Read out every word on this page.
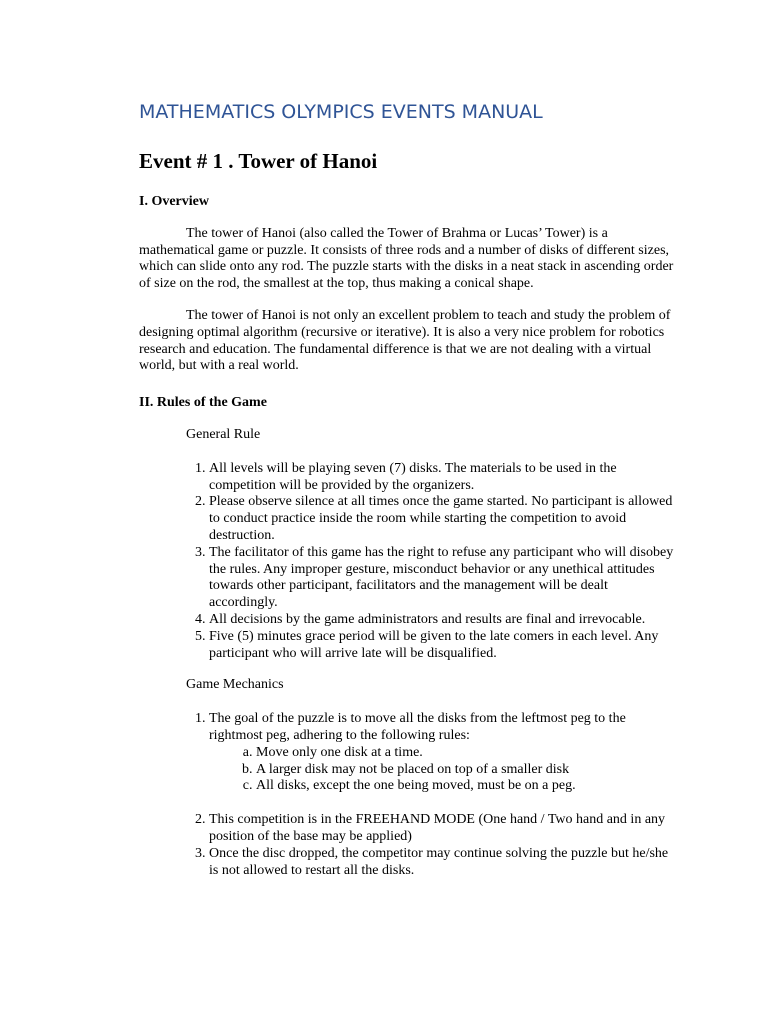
MATHEMATICS OLYMPICS EVENTS MANUAL
Event # 1 . Tower of Hanoi
I. Overview

The tower of Hanoi (also called the Tower of Brahma or Lucas’ Tower) is a mathematical game or puzzle. It consists of three rods and a number of disks of different sizes, which can slide onto any rod. The puzzle starts with the disks in a neat stack in ascending order of size on the rod, the smallest at the top, thus making a conical shape.

The tower of Hanoi is not only an excellent problem to teach and study the problem of designing optimal algorithm (recursive or iterative). It is also a very nice problem for robotics research and education. The fundamental difference is that we are not dealing with a virtual world, but with a real world.

II. Rules of the Game
General Rule
1. All levels will be playing seven (7) disks. The materials to be used in the competition will be provided by the organizers.
2. Please observe silence at all times once the game started. No participant is allowed to conduct practice inside the room while starting the competition to avoid destruction.
3. The facilitator of this game has the right to refuse any participant who will disobey the rules. Any improper gesture, misconduct behavior or any unethical attitudes towards other participant, facilitators and the management will be dealt accordingly.
4. All decisions by the game administrators and results are final and irrevocable.
5. Five (5) minutes grace period will be given to the late comers in each level. Any participant who will arrive late will be disqualified.
Game Mechanics
1. The goal of the puzzle is to move all the disks from the leftmost peg to the rightmost peg, adhering to the following rules:
a. Move only one disk at a time.
b. A larger disk may not be placed on top of a smaller disk
c. All disks, except the one being moved, must be on a peg.
2. This competition is in the FREEHAND MODE (One hand / Two hand and in any position of the base may be applied)
3. Once the disc dropped, the competitor may continue solving the puzzle but he/she is not allowed to restart all the disks.
